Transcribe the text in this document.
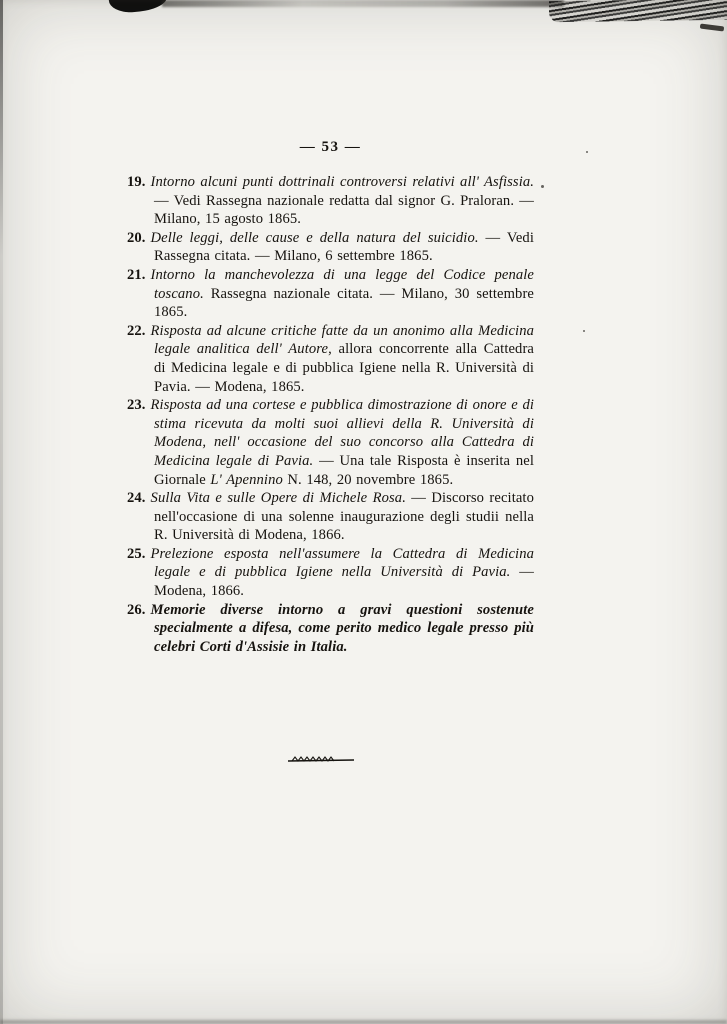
— 53 —
19. Intorno alcuni punti dottrinali controversi relativi all' Asfissia. — Vedi Rassegna nazionale redatta dal signor G. Praloran. — Milano, 15 agosto 1865.
20. Delle leggi, delle cause e della natura del suicidio. — Vedi Rassegna citata. — Milano, 6 settembre 1865.
21. Intorno la manchevolezza di una legge del Codice penale toscano. Rassegna nazionale citata. — Milano, 30 settembre 1865.
22. Risposta ad alcune critiche fatte da un anonimo alla Medicina legale analitica dell' Autore, allora concorrente alla Cattedra di Medicina legale e di pubblica Igiene nella R. Università di Pavia. — Modena, 1865.
23. Risposta ad una cortese e pubblica dimostrazione di onore e di stima ricevuta da molti suoi allievi della R. Università di Modena, nell' occasione del suo concorso alla Cattedra di Medicina legale di Pavia. — Una tale Risposta è inserita nel Giornale L' Apennino N. 148, 20 novembre 1865.
24. Sulla Vita e sulle Opere di Michele Rosa. — Discorso recitato nell'occasione di una solenne inaugurazione degli studii nella R. Università di Modena, 1866.
25. Prelezione esposta nell'assumere la Cattedra di Medicina legale e di pubblica Igiene nella Università di Pavia. — Modena, 1866.
26. Memorie diverse intorno a gravi questioni sostenute specialmente a difesa, come perito medico legale presso più celebri Corti d'Assisie in Italia.
